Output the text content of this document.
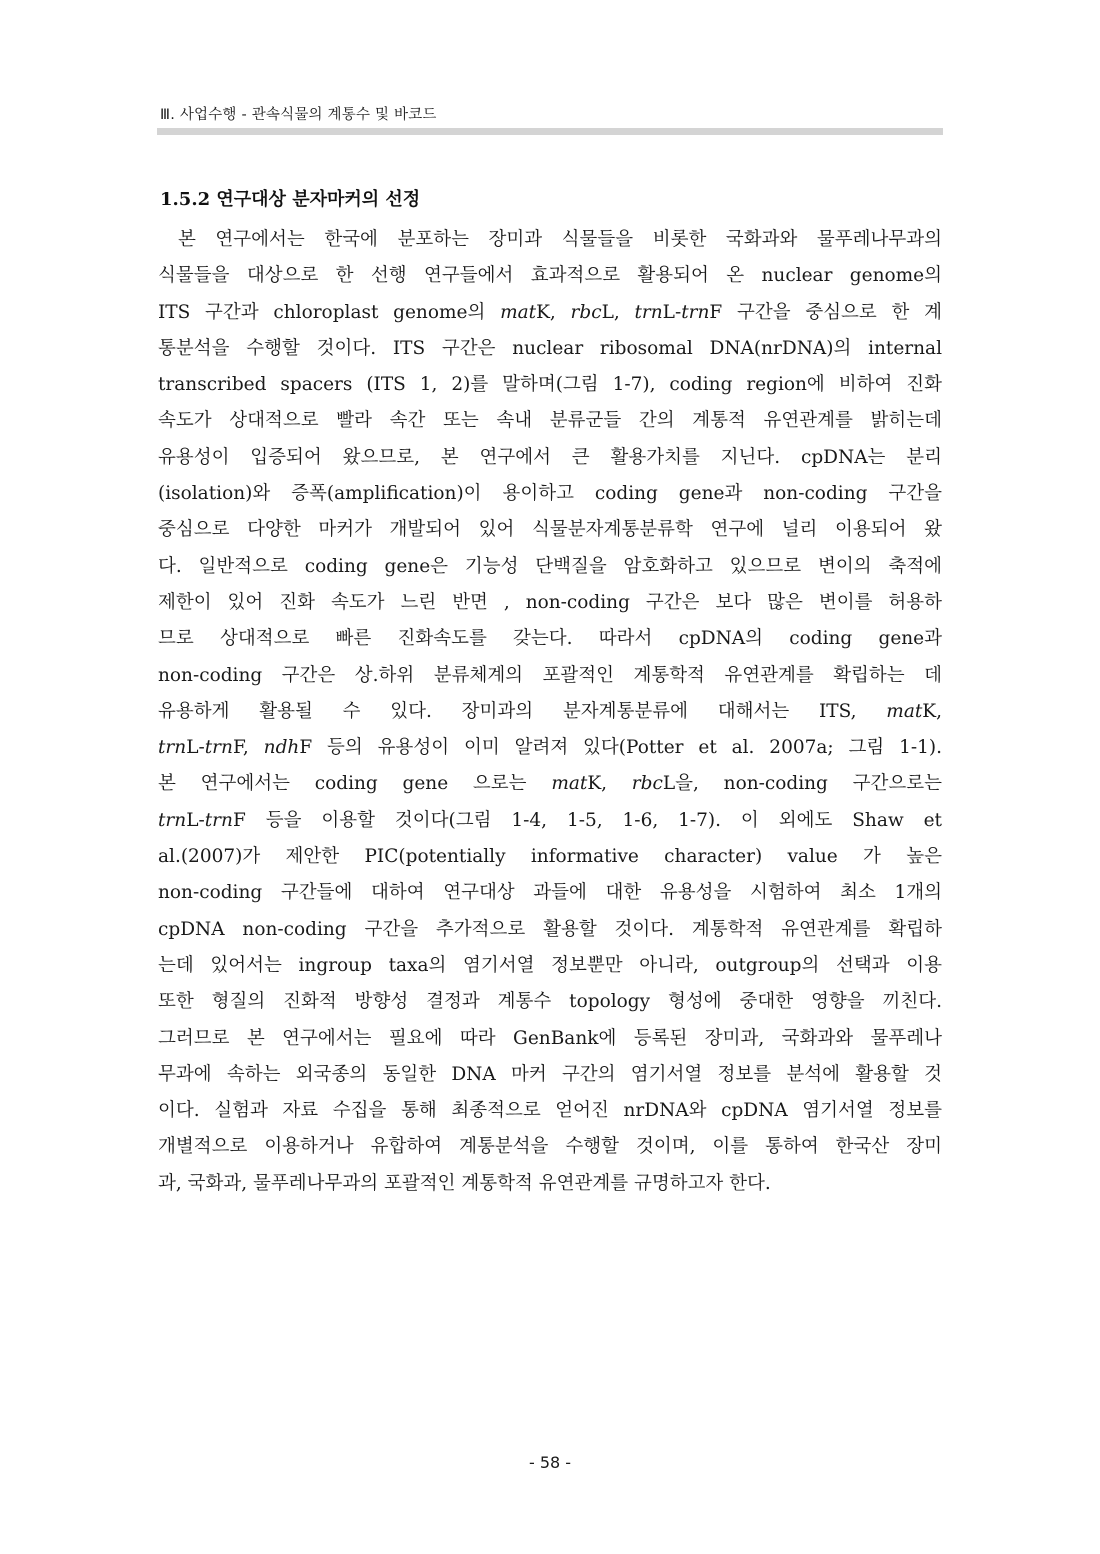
Ⅲ. 사업수행 - 관속식물의 계통수 및 바코드
1.5.2 연구대상 분자마커의 선정
본 연구에서는 한국에 분포하는 장미과 식물들을 비롯한 국화과와 물푸레나무과의
식물들을 대상으로 한 선행 연구들에서 효과적으로 활용되어 온 nuclear genome의
ITS 구간과 chloroplast genome의 matK, rbcL, trnL-trnF 구간을 중심으로 한 계
통분석을 수행할 것이다. ITS 구간은 nuclear ribosomal DNA(nrDNA)의 internal
transcribed spacers (ITS 1, 2)를 말하며(그림 1-7), coding region에 비하여 진화
속도가 상대적으로 빨라 속간 또는 속내 분류군들 간의 계통적 유연관계를 밝히는데
유용성이 입증되어 왔으므로, 본 연구에서 큰 활용가치를 지닌다. cpDNA는 분리
(isolation)와 증폭(amplification)이 용이하고 coding gene과 non-coding 구간을
중심으로 다양한 마커가 개발되어 있어 식물분자계통분류학 연구에 널리 이용되어 왔
다. 일반적으로 coding gene은 기능성 단백질을 암호화하고 있으므로 변이의 축적에
제한이 있어 진화 속도가 느린 반면 , non-coding 구간은 보다 많은 변이를 허용하
므로 상대적으로 빠른 진화속도를 갖는다. 따라서 cpDNA의 coding gene과
non-coding 구간은 상.하위 분류체계의 포괄적인 계통학적 유연관계를 확립하는 데
유용하게 활용될 수 있다. 장미과의 분자계통분류에 대해서는 ITS, matK,
trnL-trnF, ndhF 등의 유용성이 이미 알려져 있다(Potter et al. 2007a; 그림 1-1).
본 연구에서는 coding gene 으로는 matK, rbcL을, non-coding 구간으로는
trnL-trnF 등을 이용할 것이다(그림 1-4, 1-5, 1-6, 1-7). 이 외에도 Shaw et
al.(2007)가 제안한 PIC(potentially informative character) value 가 높은
non-coding 구간들에 대하여 연구대상 과들에 대한 유용성을 시험하여 최소 1개의
cpDNA non-coding 구간을 추가적으로 활용할 것이다. 계통학적 유연관계를 확립하
는데 있어서는 ingroup taxa의 염기서열 정보뿐만 아니라, outgroup의 선택과 이용
또한 형질의 진화적 방향성 결정과 계통수 topology 형성에 중대한 영향을 끼친다.
그러므로 본 연구에서는 필요에 따라 GenBank에 등록된 장미과, 국화과와 물푸레나
무과에 속하는 외국종의 동일한 DNA 마커 구간의 염기서열 정보를 분석에 활용할 것
이다. 실험과 자료 수집을 통해 최종적으로 얻어진 nrDNA와 cpDNA 염기서열 정보를
개별적으로 이용하거나 유합하여 계통분석을 수행할 것이며, 이를 통하여 한국산 장미
과, 국화과, 물푸레나무과의 포괄적인 계통학적 유연관계를 규명하고자 한다.
- 58 -
